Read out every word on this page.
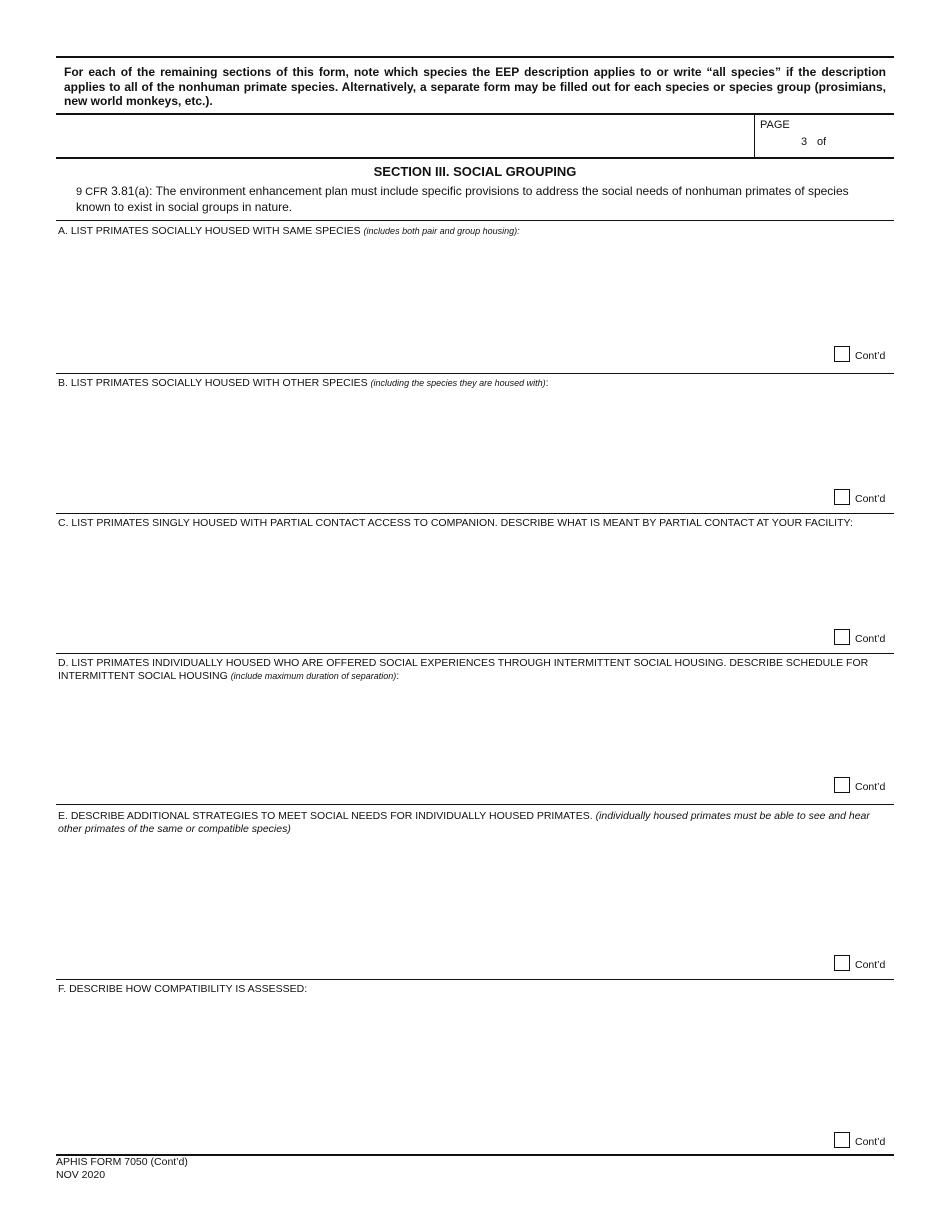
For each of the remaining sections of this form, note which species the EEP description applies to or write “all species” if the description applies to all of the nonhuman primate species. Alternatively, a separate form may be filled out for each species or species group (prosimians, new world monkeys, etc.).
PAGE
3 of
SECTION III. SOCIAL GROUPING
9 CFR 3.81(a): The environment enhancement plan must include specific provisions to address the social needs of nonhuman primates of species known to exist in social groups in nature.
A. LIST PRIMATES SOCIALLY HOUSED WITH SAME SPECIES (includes both pair and group housing):
Cont’d
B. LIST PRIMATES SOCIALLY HOUSED WITH OTHER SPECIES (including the species they are housed with):
Cont’d
C. LIST PRIMATES SINGLY HOUSED WITH PARTIAL CONTACT ACCESS TO COMPANION. DESCRIBE WHAT IS MEANT BY PARTIAL CONTACT AT YOUR FACILITY:
Cont’d
D. LIST PRIMATES INDIVIDUALLY HOUSED WHO ARE OFFERED SOCIAL EXPERIENCES THROUGH INTERMITTENT SOCIAL HOUSING. DESCRIBE SCHEDULE FOR INTERMITTENT SOCIAL HOUSING (include maximum duration of separation):
Cont’d
E. DESCRIBE ADDITIONAL STRATEGIES TO MEET SOCIAL NEEDS FOR INDIVIDUALLY HOUSED PRIMATES. (individually housed primates must be able to see and hear other primates of the same or compatible species)
Cont’d
F. DESCRIBE HOW COMPATIBILITY IS ASSESSED:
Cont’d
APHIS FORM 7050 (Cont’d)
NOV 2020
